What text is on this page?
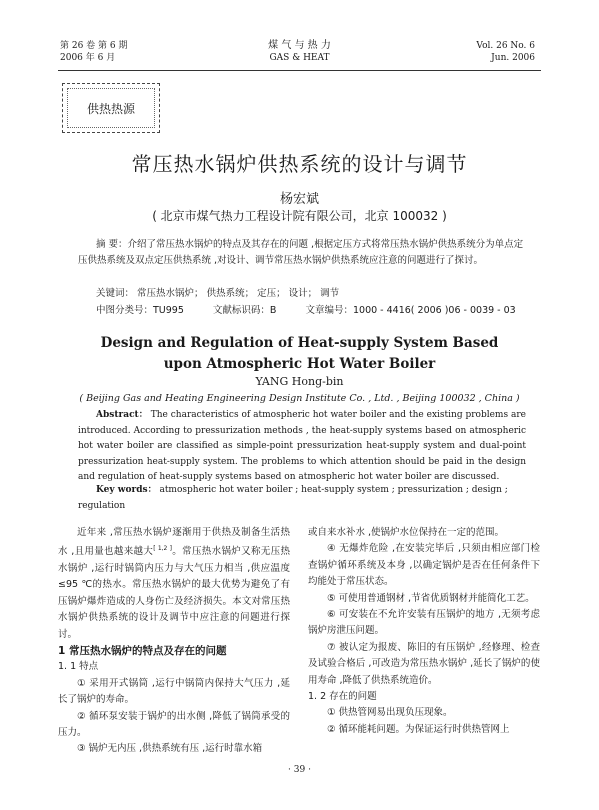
第 26 卷 第 6 期
2006 年 6 月
煤 气 与 热 力
GAS & HEAT
Vol. 26 No. 6
Jun. 2006
供热热源
常压热水锅炉供热系统的设计与调节
杨宏斌
( 北京市煤气热力工程设计院有限公司，北京 100032 )

摘 要：介绍了常压热水锅炉的特点及其存在的问题 ,根据定压方式将常压热水锅炉供热系统分为单点定压供热系统及双点定压供热系统 ,对设计、调节常压热水锅炉供热系统应注意的问题进行了探讨。

关键词： 常压热水锅炉； 供热系统； 定压； 设计； 调节
中图分类号：TU995	文献标识码：B	文章编号：1000 - 4416( 2006 )06 - 0039 - 03
Design and Regulation of Heat-supply System Based
upon Atmospheric Hot Water Boiler
YANG Hong-bin
( Beijing Gas and Heating Engineering Design Institute Co. , Ltd. , Beijing 100032 , China )

Abstract： The characteristics of atmospheric hot water boiler and the existing problems are introduced. According to pressurization methods , the heat-supply systems based on atmospheric hot water boiler are classified as simple-point pressurization heat-supply system and dual-point pressurization heat-supply system. The problems to which attention should be paid in the design and regulation of heat-supply systems based on atmospheric hot water boiler are discussed.

Key words： atmospheric hot water boiler ; heat-supply system ; pressurization ; design ; regulation

近年来 ,常压热水锅炉逐渐用于供热及制备生活热水 ,且用量也越来越大[ 1,2 ]。常压热水锅炉又称无压热水锅炉 ,运行时锅筒内压力与大气压力相当 ,供应温度≤95 ℃的热水。常压热水锅炉的最大优势为避免了有压锅炉爆炸造成的人身伤亡及经济损失。本文对常压热水锅炉供热系统的设计及调节中应注意的问题进行探讨。

1 常压热水锅炉的特点及存在的问题

1. 1 特点

① 采用开式锅筒 ,运行中锅筒内保持大气压力 ,延长了锅炉的寿命。

② 循环泵安装于锅炉的出水侧 ,降低了锅筒承受的压力。

③ 锅炉无内压 ,供热系统有压 ,运行时靠水箱

或自来水补水 ,使锅炉水位保持在一定的范围。

④ 无爆炸危险 ,在安装完毕后 ,只须由相应部门检查锅炉循环系统及本身 ,以确定锅炉是否在任何条件下均能处于常压状态。

⑤ 可使用普通钢材 ,节省优质钢材并能简化工艺。

⑥ 可安装在不允许安装有压锅炉的地方 ,无须考虑锅炉房泄压问题。

⑦ 被认定为报废、陈旧的有压锅炉 ,经修理、检查及试验合格后 ,可改造为常压热水锅炉 ,延长了锅炉的使用寿命 ,降低了供热系统造价。

1. 2 存在的问题

① 供热管网易出现负压现象。

② 循环能耗问题。为保证运行时供热管网上

· 39 ·
